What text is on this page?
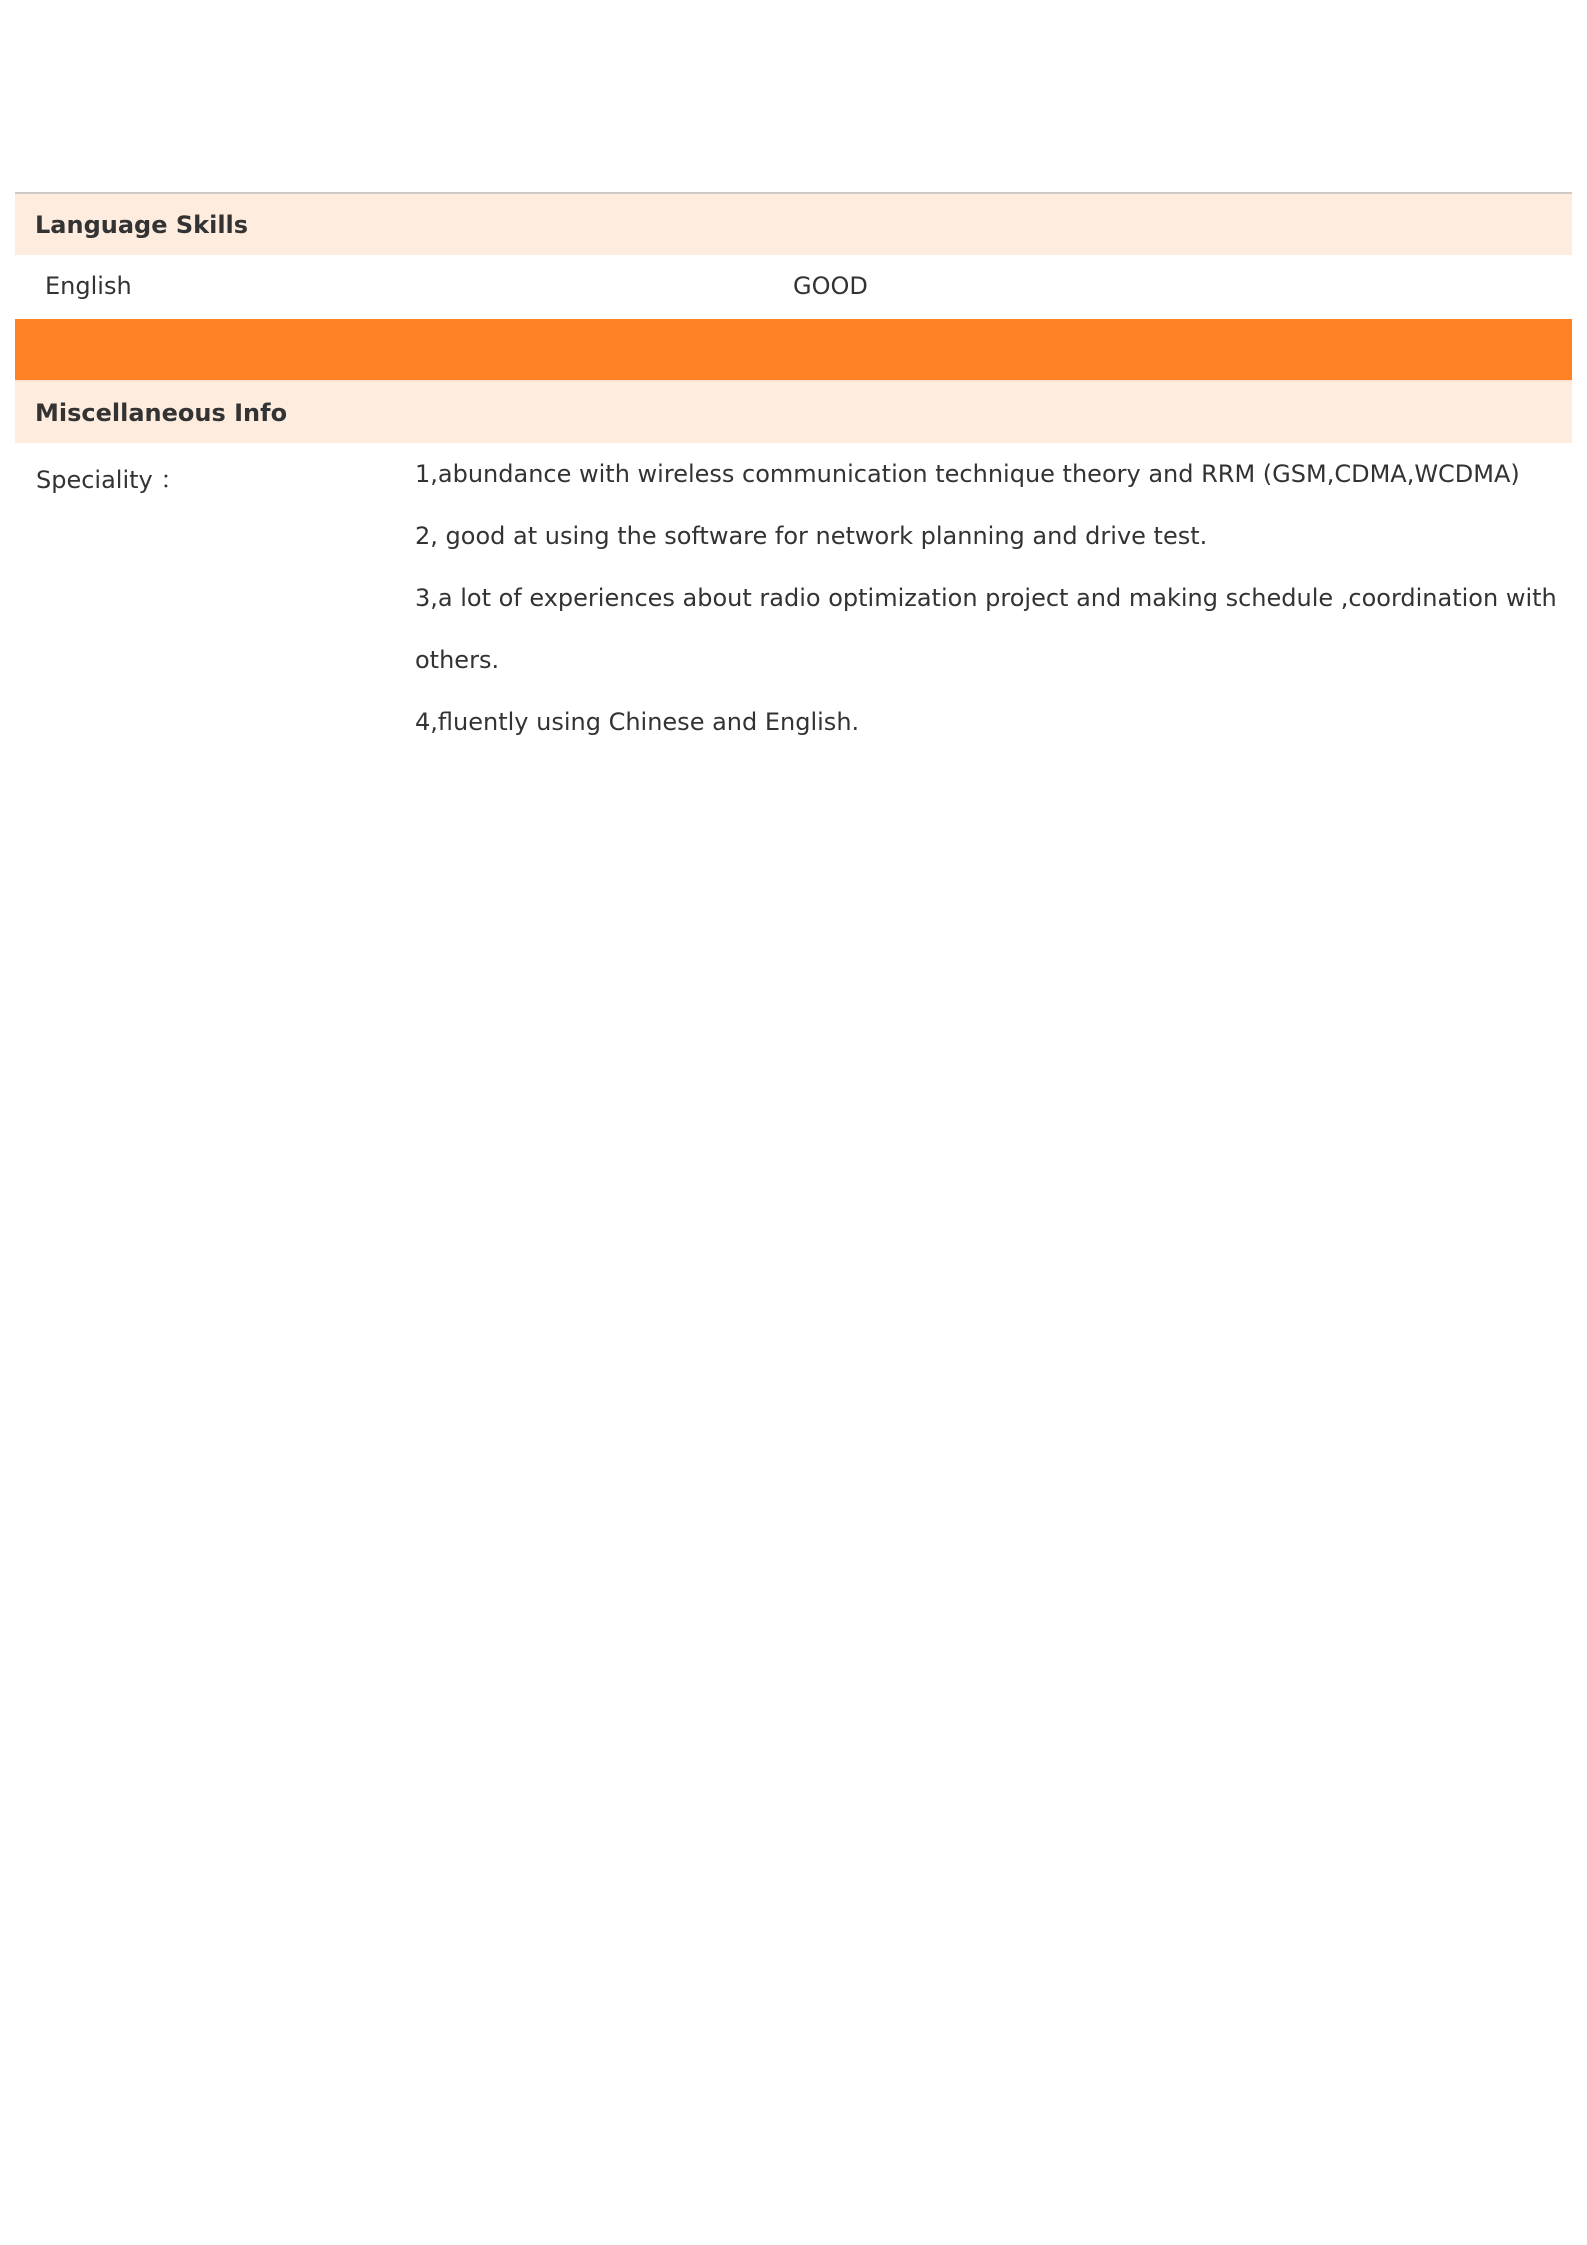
Language Skills
English	GOOD
Miscellaneous Info
Speciality ：	1,abundance with wireless communication technique theory and RRM (GSM,CDMA,WCDMA)
2, good at using the software for network planning and drive test.
3,a lot of experiences about radio optimization project and making schedule ,coordination with
others.
4,fluently using Chinese and English.
